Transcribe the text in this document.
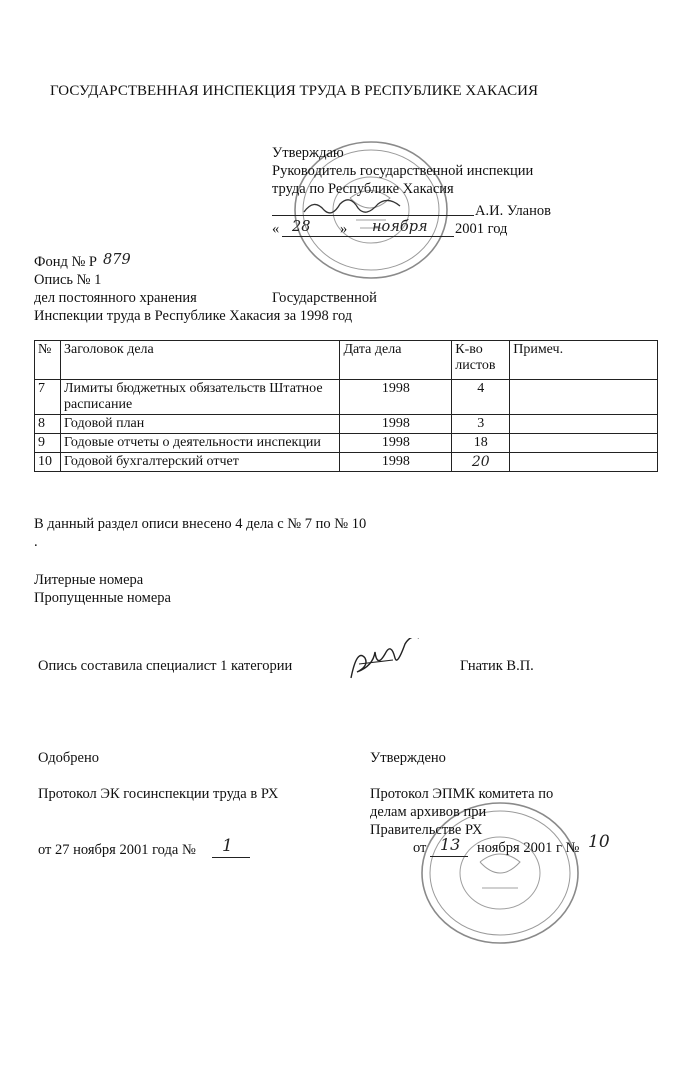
ГОСУДАРСТВЕННАЯ ИНСПЕКЦИЯ ТРУДА В РЕСПУБЛИКЕ ХАКАСИЯ
Утверждаю
Руководитель государственной инспекции
труда по Республике Хакасия
А.И. Уланов
« 28 » ноября 2001 год
Фонд № Р 879
Опись № 1
дел постоянного хранения	Государственной
Инспекции труда в Республике Хакасия за 1998 год
№	Заголовок дела	Дата дела	К-во листов	Примеч.
7	Лимиты бюджетных обязательств Штатное расписание	1998	4	
8	Годовой план	1998	3	
9	Годовые отчеты о деятельности инспекции	1998	18	
10	Годовой бухгалтерский отчет	1998	20	
В данный раздел описи внесено 4 дела с № 7 по № 10
.
Литерные номера
Пропущенные номера
Опись составила специалист 1 категории	Гнатик В.П.
Одобрено
Протокол ЭК госинспекции труда в РХ
от 27 ноября 2001 года № 1
Утверждено
Протокол ЭПМК комитета по
делам архивов при
Правительстве РХ
от 13 ноября 2001 г № 10
